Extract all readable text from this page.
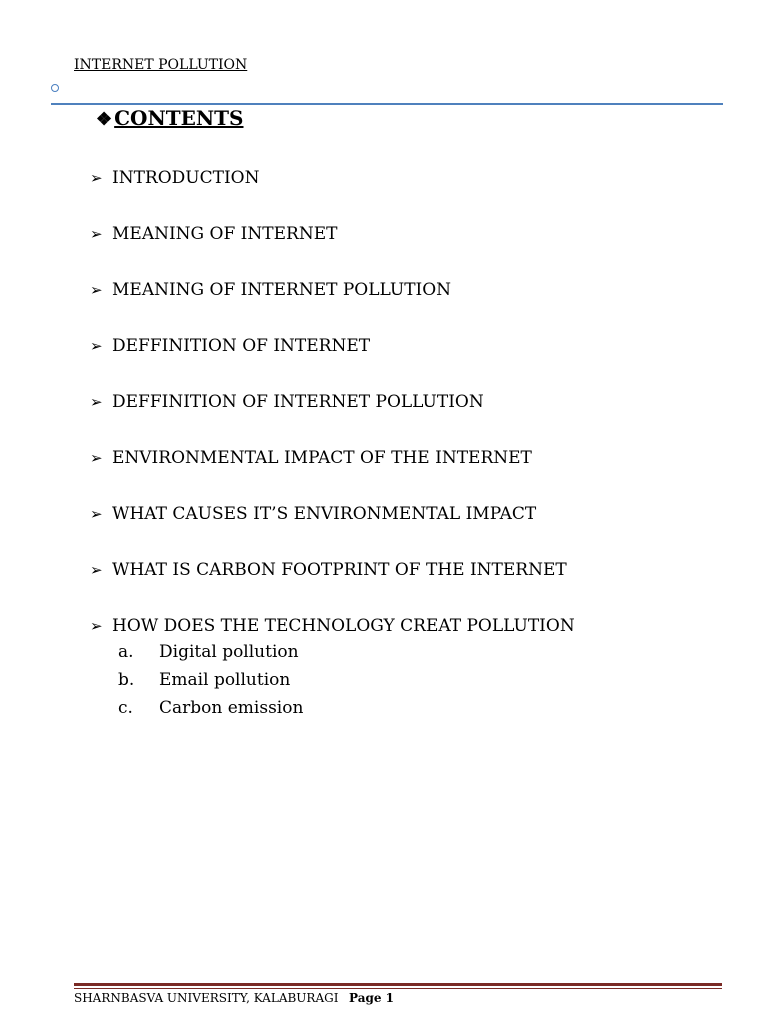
INTERNET POLLUTION
❖ CONTENTS
➢ INTRODUCTION
➢ MEANING OF INTERNET
➢ MEANING OF INTERNET POLLUTION
➢ DEFFINITION OF INTERNET
➢ DEFFINITION OF INTERNET POLLUTION
➢ ENVIRONMENTAL IMPACT OF THE INTERNET
➢ WHAT CAUSES IT’S ENVIRONMENTAL IMPACT
➢ WHAT IS CARBON FOOTPRINT OF THE INTERNET
➢ HOW DOES THE TECHNOLOGY CREAT POLLUTION
a.	Digital pollution
b.	Email pollution
c.	Carbon emission
SHARNBASVA UNIVERSITY, KALABURAGI Page 1
